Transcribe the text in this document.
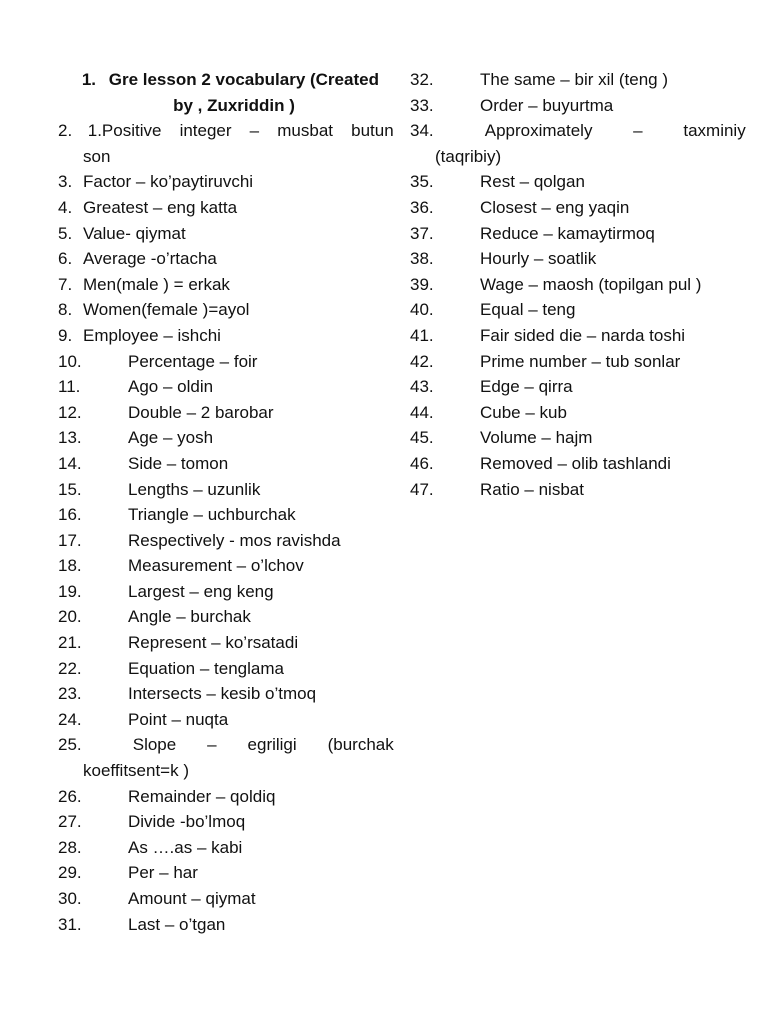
1. Gre lesson 2 vocabulary (Created
by , Zuxriddin )
2. 1.Positive integer – musbat butun
son
3. Factor – ko’paytiruvchi
4. Greatest – eng katta
5. Value- qiymat
6. Average -o’rtacha
7. Men(male ) = erkak
8. Women(female )=ayol
9. Employee – ishchi
10.	Percentage – foir
11.	Ago – oldin
12.	Double – 2 barobar
13.	Age – yosh
14.	Side – tomon
15.	Lengths – uzunlik
16.	Triangle – uchburchak
17.	Respectively - mos ravishda
18.	Measurement – o’lchov
19.	Largest – eng keng
20.	Angle – burchak
21.	Represent – ko’rsatadi
22.	Equation – tenglama
23.	Intersects – kesib o’tmoq
24.	Point – nuqta
25.	Slope – egriligi (burchak
koeffitsent=k )
26.	Remainder – qoldiq
27.	Divide -bo’lmoq
28.	As ….as – kabi
29.	Per – har
30.	Amount – qiymat
31.	Last – o’tgan
32.	The same – bir xil (teng )
33.	Order – buyurtma
34.	Approximately – taxminiy
(taqribiy)
35.	Rest – qolgan
36.	Closest – eng yaqin
37.	Reduce – kamaytirmoq
38.	Hourly – soatlik
39.	Wage – maosh (topilgan pul )
40.	Equal – teng
41.	Fair sided die – narda toshi
42.	Prime number – tub sonlar
43.	Edge – qirra
44.	Cube – kub
45.	Volume – hajm
46.	Removed – olib tashlandi
47.	Ratio – nisbat
